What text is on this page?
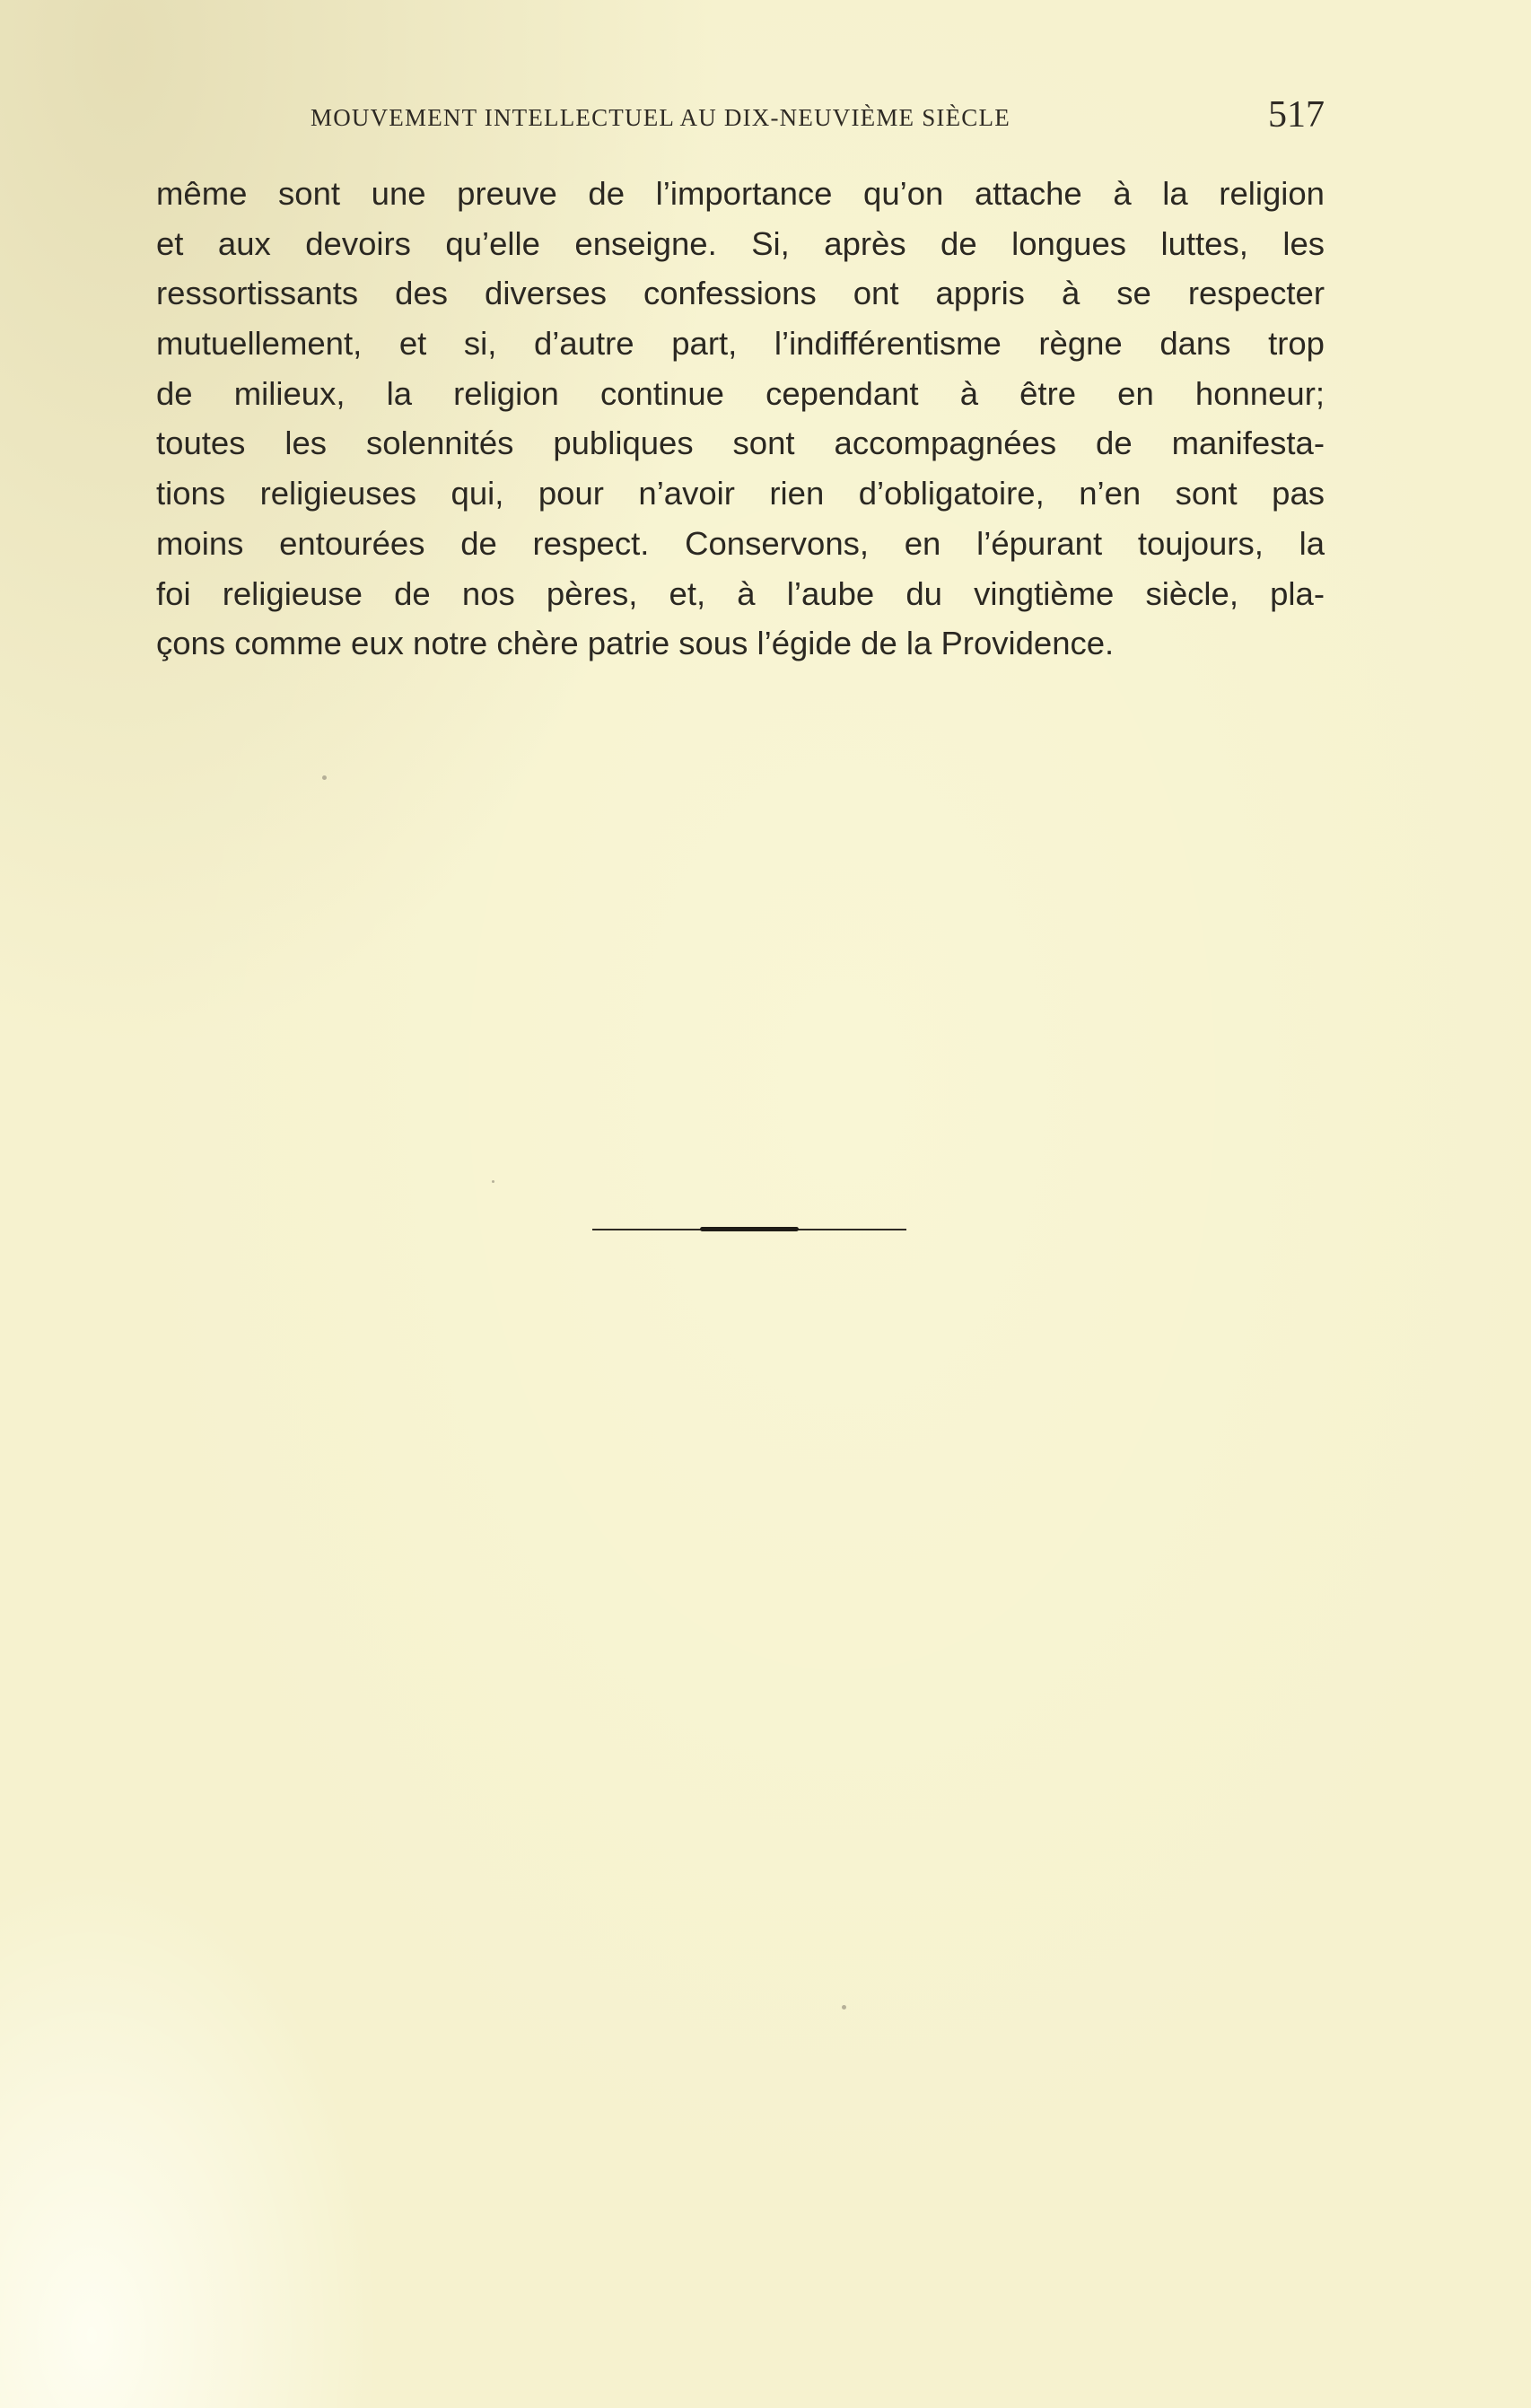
MOUVEMENT INTELLECTUEL AU DIX-NEUVIÈME SIÈCLE	517
même sont une preuve de l’importance qu’on attache à la religion
et aux devoirs qu’elle enseigne. Si, après de longues luttes, les
ressortissants des diverses confessions ont appris à se respecter
mutuellement, et si, d’autre part, l’indifférentisme règne dans trop
de milieux, la religion continue cependant à être en honneur;
toutes les solennités publiques sont accompagnées de manifesta-
tions religieuses qui, pour n’avoir rien d’obligatoire, n’en sont pas
moins entourées de respect. Conservons, en l’épurant toujours, la
foi religieuse de nos pères, et, à l’aube du vingtième siècle, pla-
çons comme eux notre chère patrie sous l’égide de la Providence.
